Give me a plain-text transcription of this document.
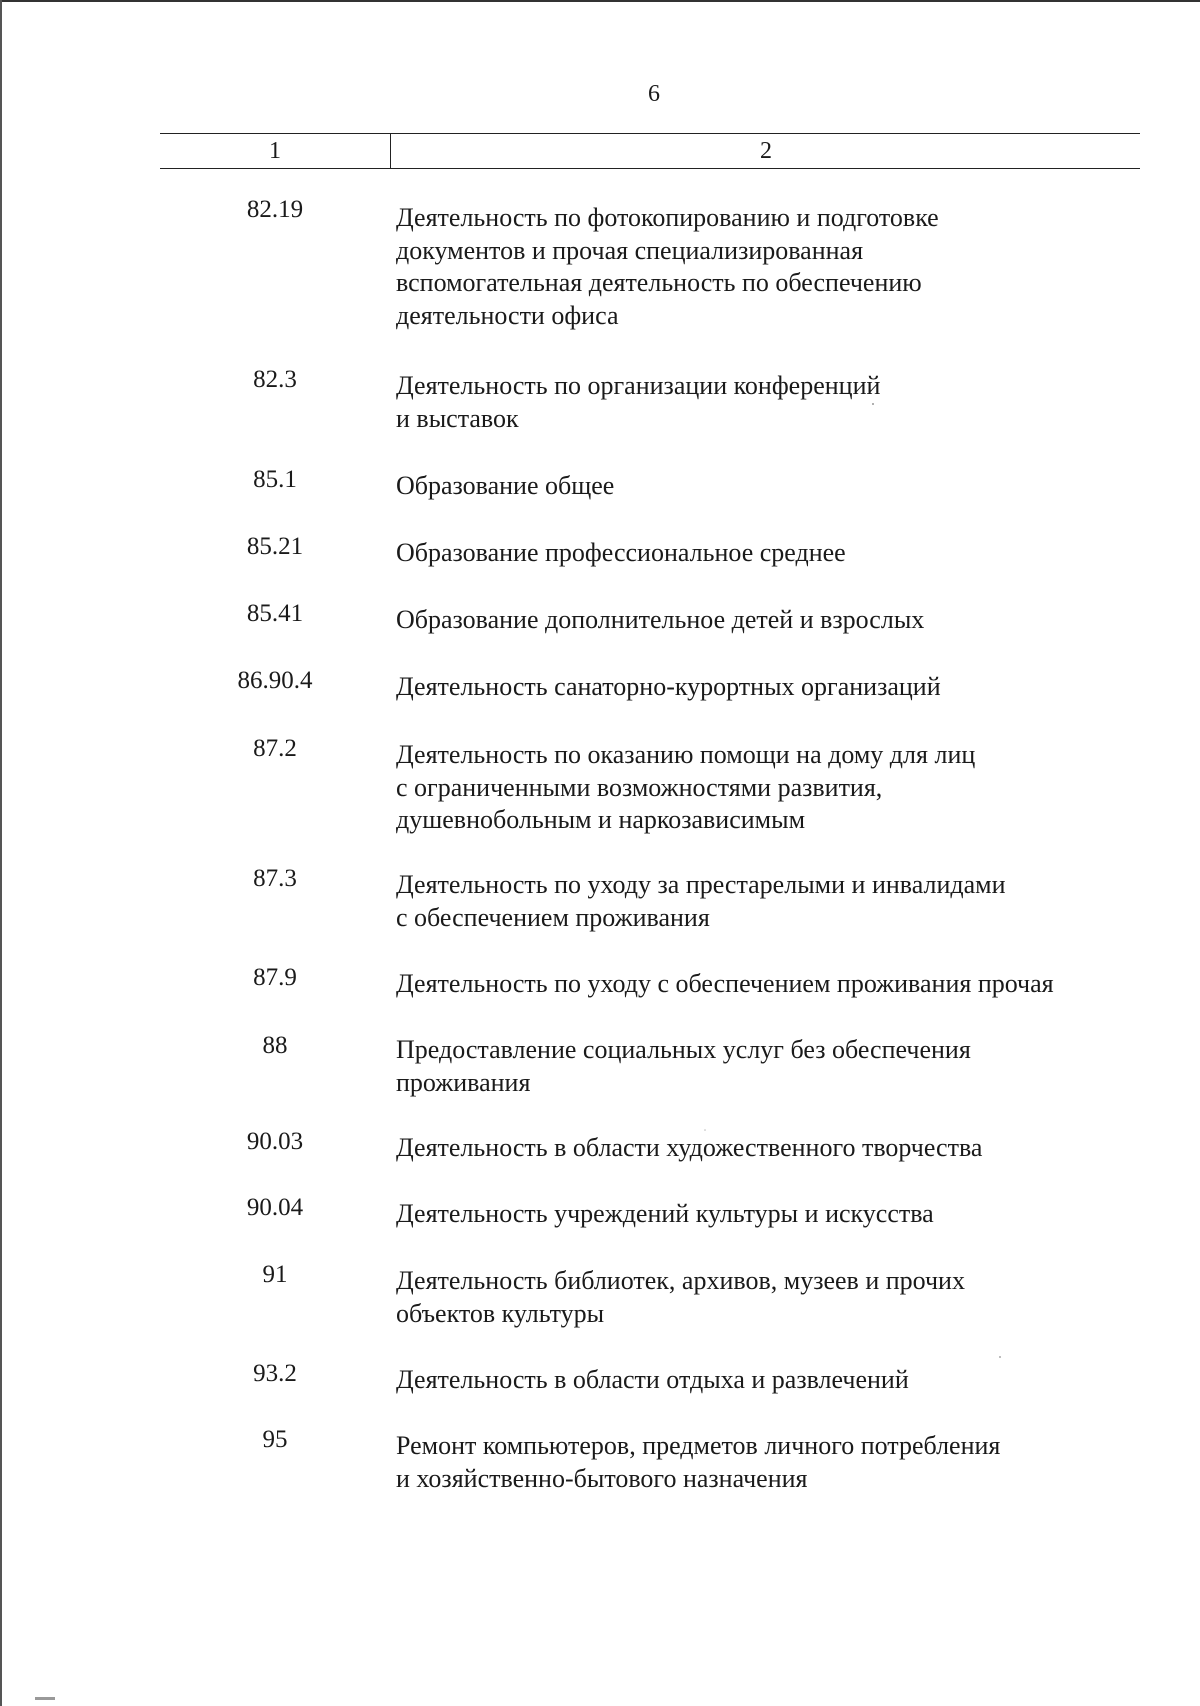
6
1	2
82.19	Деятельность по фотокопированию и подготовке
документов и прочая специализированная
вспомогательная деятельность по обеспечению
деятельности офиса
82.3	Деятельность по организации конференций
и выставок
85.1	Образование общее
85.21	Образование профессиональное среднее
85.41	Образование дополнительное детей и взрослых
86.90.4	Деятельность санаторно-курортных организаций
87.2	Деятельность по оказанию помощи на дому для лиц
с ограниченными возможностями развития,
душевнобольным и наркозависимым
87.3	Деятельность по уходу за престарелыми и инвалидами
с обеспечением проживания
87.9	Деятельность по уходу с обеспечением проживания прочая
88	Предоставление социальных услуг без обеспечения
проживания
90.03	Деятельность в области художественного творчества
90.04	Деятельность учреждений культуры и искусства
91	Деятельность библиотек, архивов, музеев и прочих
объектов культуры
93.2	Деятельность в области отдыха и развлечений
95	Ремонт компьютеров, предметов личного потребления
и хозяйственно-бытового назначения
